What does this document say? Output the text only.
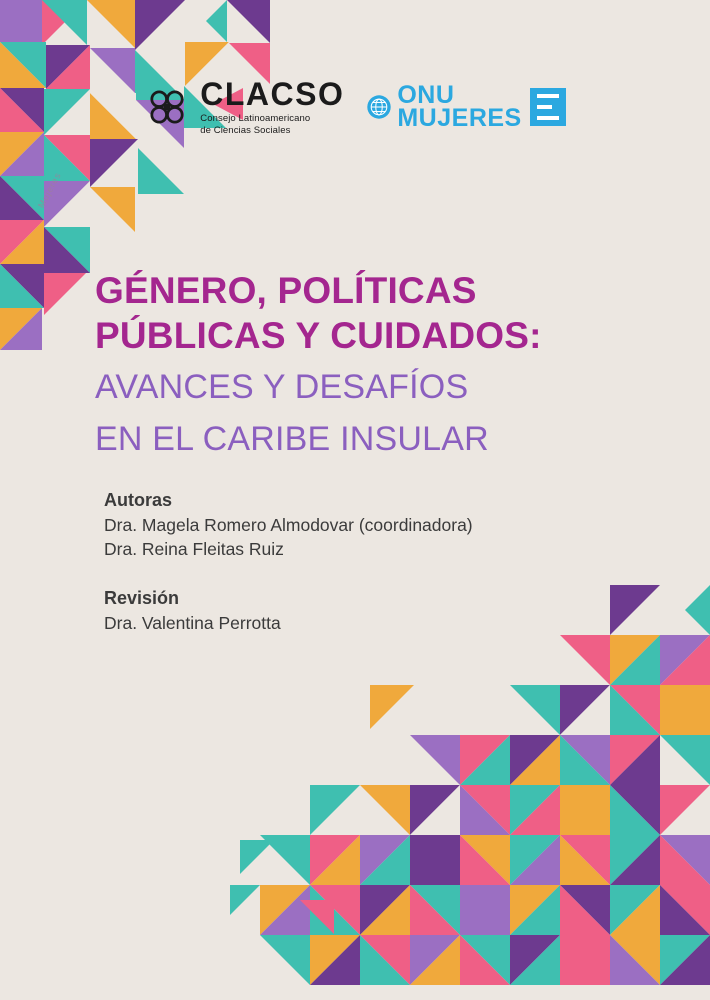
Mujeres
CLACSO
Consejo Latinoamericano
de Ciencias Sociales
ONU
MUJERES
GÉNERO, POLÍTICAS
PÚBLICAS Y CUIDADOS:
AVANCES Y DESAFÍOS
EN EL CARIBE INSULAR

Autoras

Dra. Magela Romero Almodovar (coordinadora)

Dra. Reina Fleitas Ruiz

Revisión

Dra. Valentina Perrotta
